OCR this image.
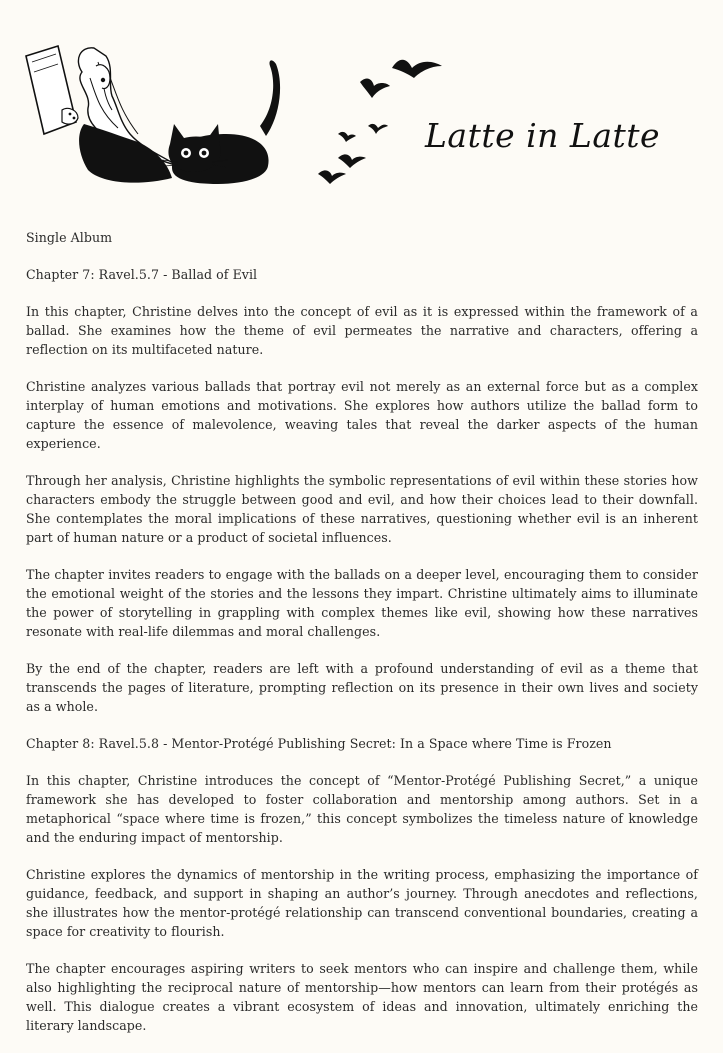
Latte in Latte

Single Album

Chapter 7: Ravel.5.7 - Ballad of Evil

In this chapter, Christine delves into the concept of evil as it is expressed within the framework of a ballad. She examines how the theme of evil permeates the narrative and characters, offering a reflection on its multifaceted nature.

Christine analyzes various ballads that portray evil not merely as an external force but as a complex interplay of human emotions and motivations. She explores how authors utilize the ballad form to capture the essence of malevolence, weaving tales that reveal the darker aspects of the human experience.

Through her analysis, Christine highlights the symbolic representations of evil within these stories how characters embody the struggle between good and evil, and how their choices lead to their downfall. She contemplates the moral implications of these narratives, questioning whether evil is an inherent part of human nature or a product of societal influences.

The chapter invites readers to engage with the ballads on a deeper level, encouraging them to consider the emotional weight of the stories and the lessons they impart. Christine ultimately aims to illuminate the power of storytelling in grappling with complex themes like evil, showing how these narratives resonate with real-life dilemmas and moral challenges.

By the end of the chapter, readers are left with a profound understanding of evil as a theme that transcends the pages of literature, prompting reflection on its presence in their own lives and society as a whole.

Chapter 8: Ravel.5.8 - Mentor-Protégé Publishing Secret: In a Space where Time is Frozen

In this chapter, Christine introduces the concept of “Mentor-Protégé Publishing Secret,” a unique framework she has developed to foster collaboration and mentorship among authors. Set in a metaphorical “space where time is frozen,” this concept symbolizes the timeless nature of knowledge and the enduring impact of mentorship.

Christine explores the dynamics of mentorship in the writing process, emphasizing the importance of guidance, feedback, and support in shaping an author’s journey. Through anecdotes and reflections, she illustrates how the mentor-protégé relationship can transcend conventional boundaries, creating a space for creativity to flourish.

The chapter encourages aspiring writers to seek mentors who can inspire and challenge them, while also highlighting the reciprocal nature of mentorship—how mentors can learn from their protégés as well. This dialogue creates a vibrant ecosystem of ideas and innovation, ultimately enriching the literary landscape.
